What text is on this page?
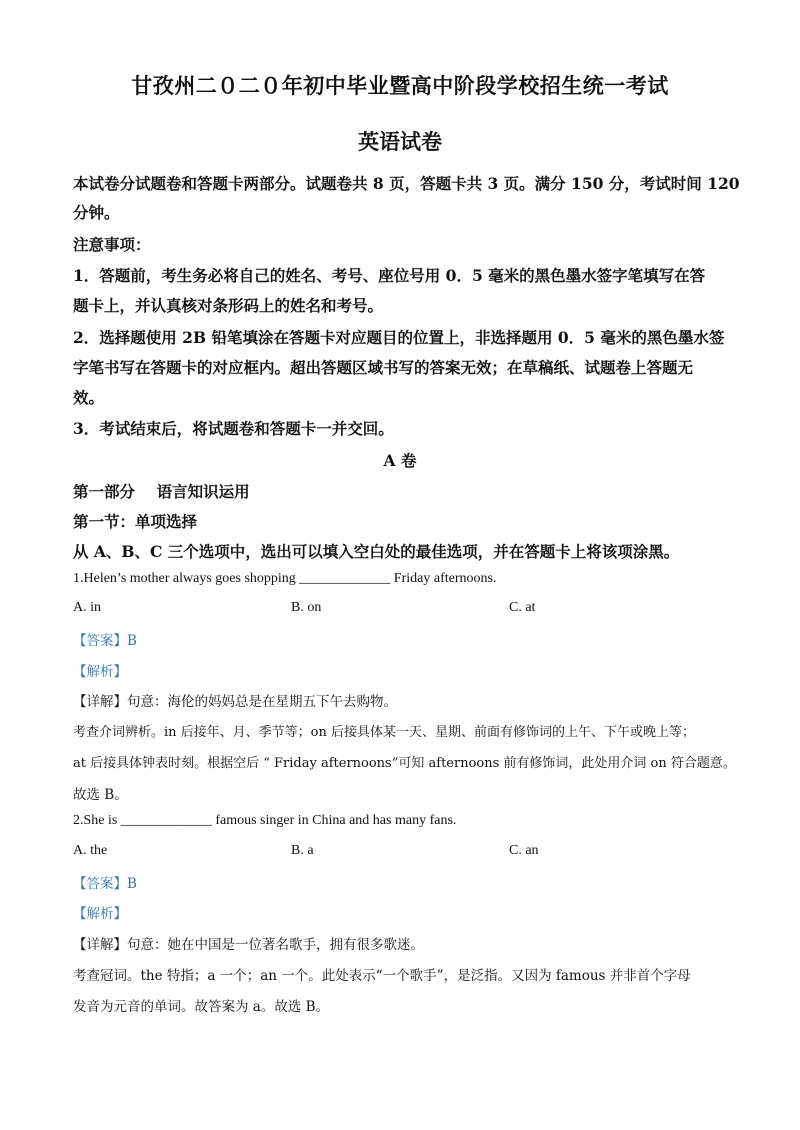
甘孜州二０二０年初中毕业暨高中阶段学校招生统一考试
英语试卷
本试卷分试题卷和答题卡两部分。试题卷共 8 页，答题卡共 3 页。满分 150 分，考试时间 120
分钟。
注意事项：
1．答题前，考生务必将自己的姓名、考号、座位号用 0．5 毫米的黑色墨水签字笔填写在答
题卡上，并认真核对条形码上的姓名和考号。
2．选择题使用 2B 铅笔填涂在答题卡对应题目的位置上，非选择题用 0．5 毫米的黑色墨水签
字笔书写在答题卡的对应框内。超出答题区域书写的答案无效；在草稿纸、试题卷上答题无
效。
3．考试结束后，将试题卷和答题卡一并交回。
A 卷
第一部分    语言知识运用
第一节：单项选择
从 A、B、C 三个选项中，选出可以填入空白处的最佳选项，并在答题卡上将该项涂黑。
1.Helen’s mother always goes shopping _____________ Friday afternoons.
A. in	B. on	C. at
【答案】B
【解析】
【详解】句意：海伦的妈妈总是在星期五下午去购物。
考查介词辨析。in 后接年、月、季节等；on 后接具体某一天、星期、前面有修饰词的上午、下午或晚上等；
at 后接具体钟表时刻。根据空后 “ Friday afternoons”可知 afternoons 前有修饰词，此处用介词 on 符合题意。
故选 B。
2.She is _____________ famous singer in China and has many fans.
A. the	B. a	C. an
【答案】B
【解析】
【详解】句意：她在中国是一位著名歌手，拥有很多歌迷。
考查冠词。the 特指；a 一个；an 一个。此处表示“一个歌手”，是泛指。又因为 famous 并非首个字母
发音为元音的单词。故答案为 a。故选 B。
